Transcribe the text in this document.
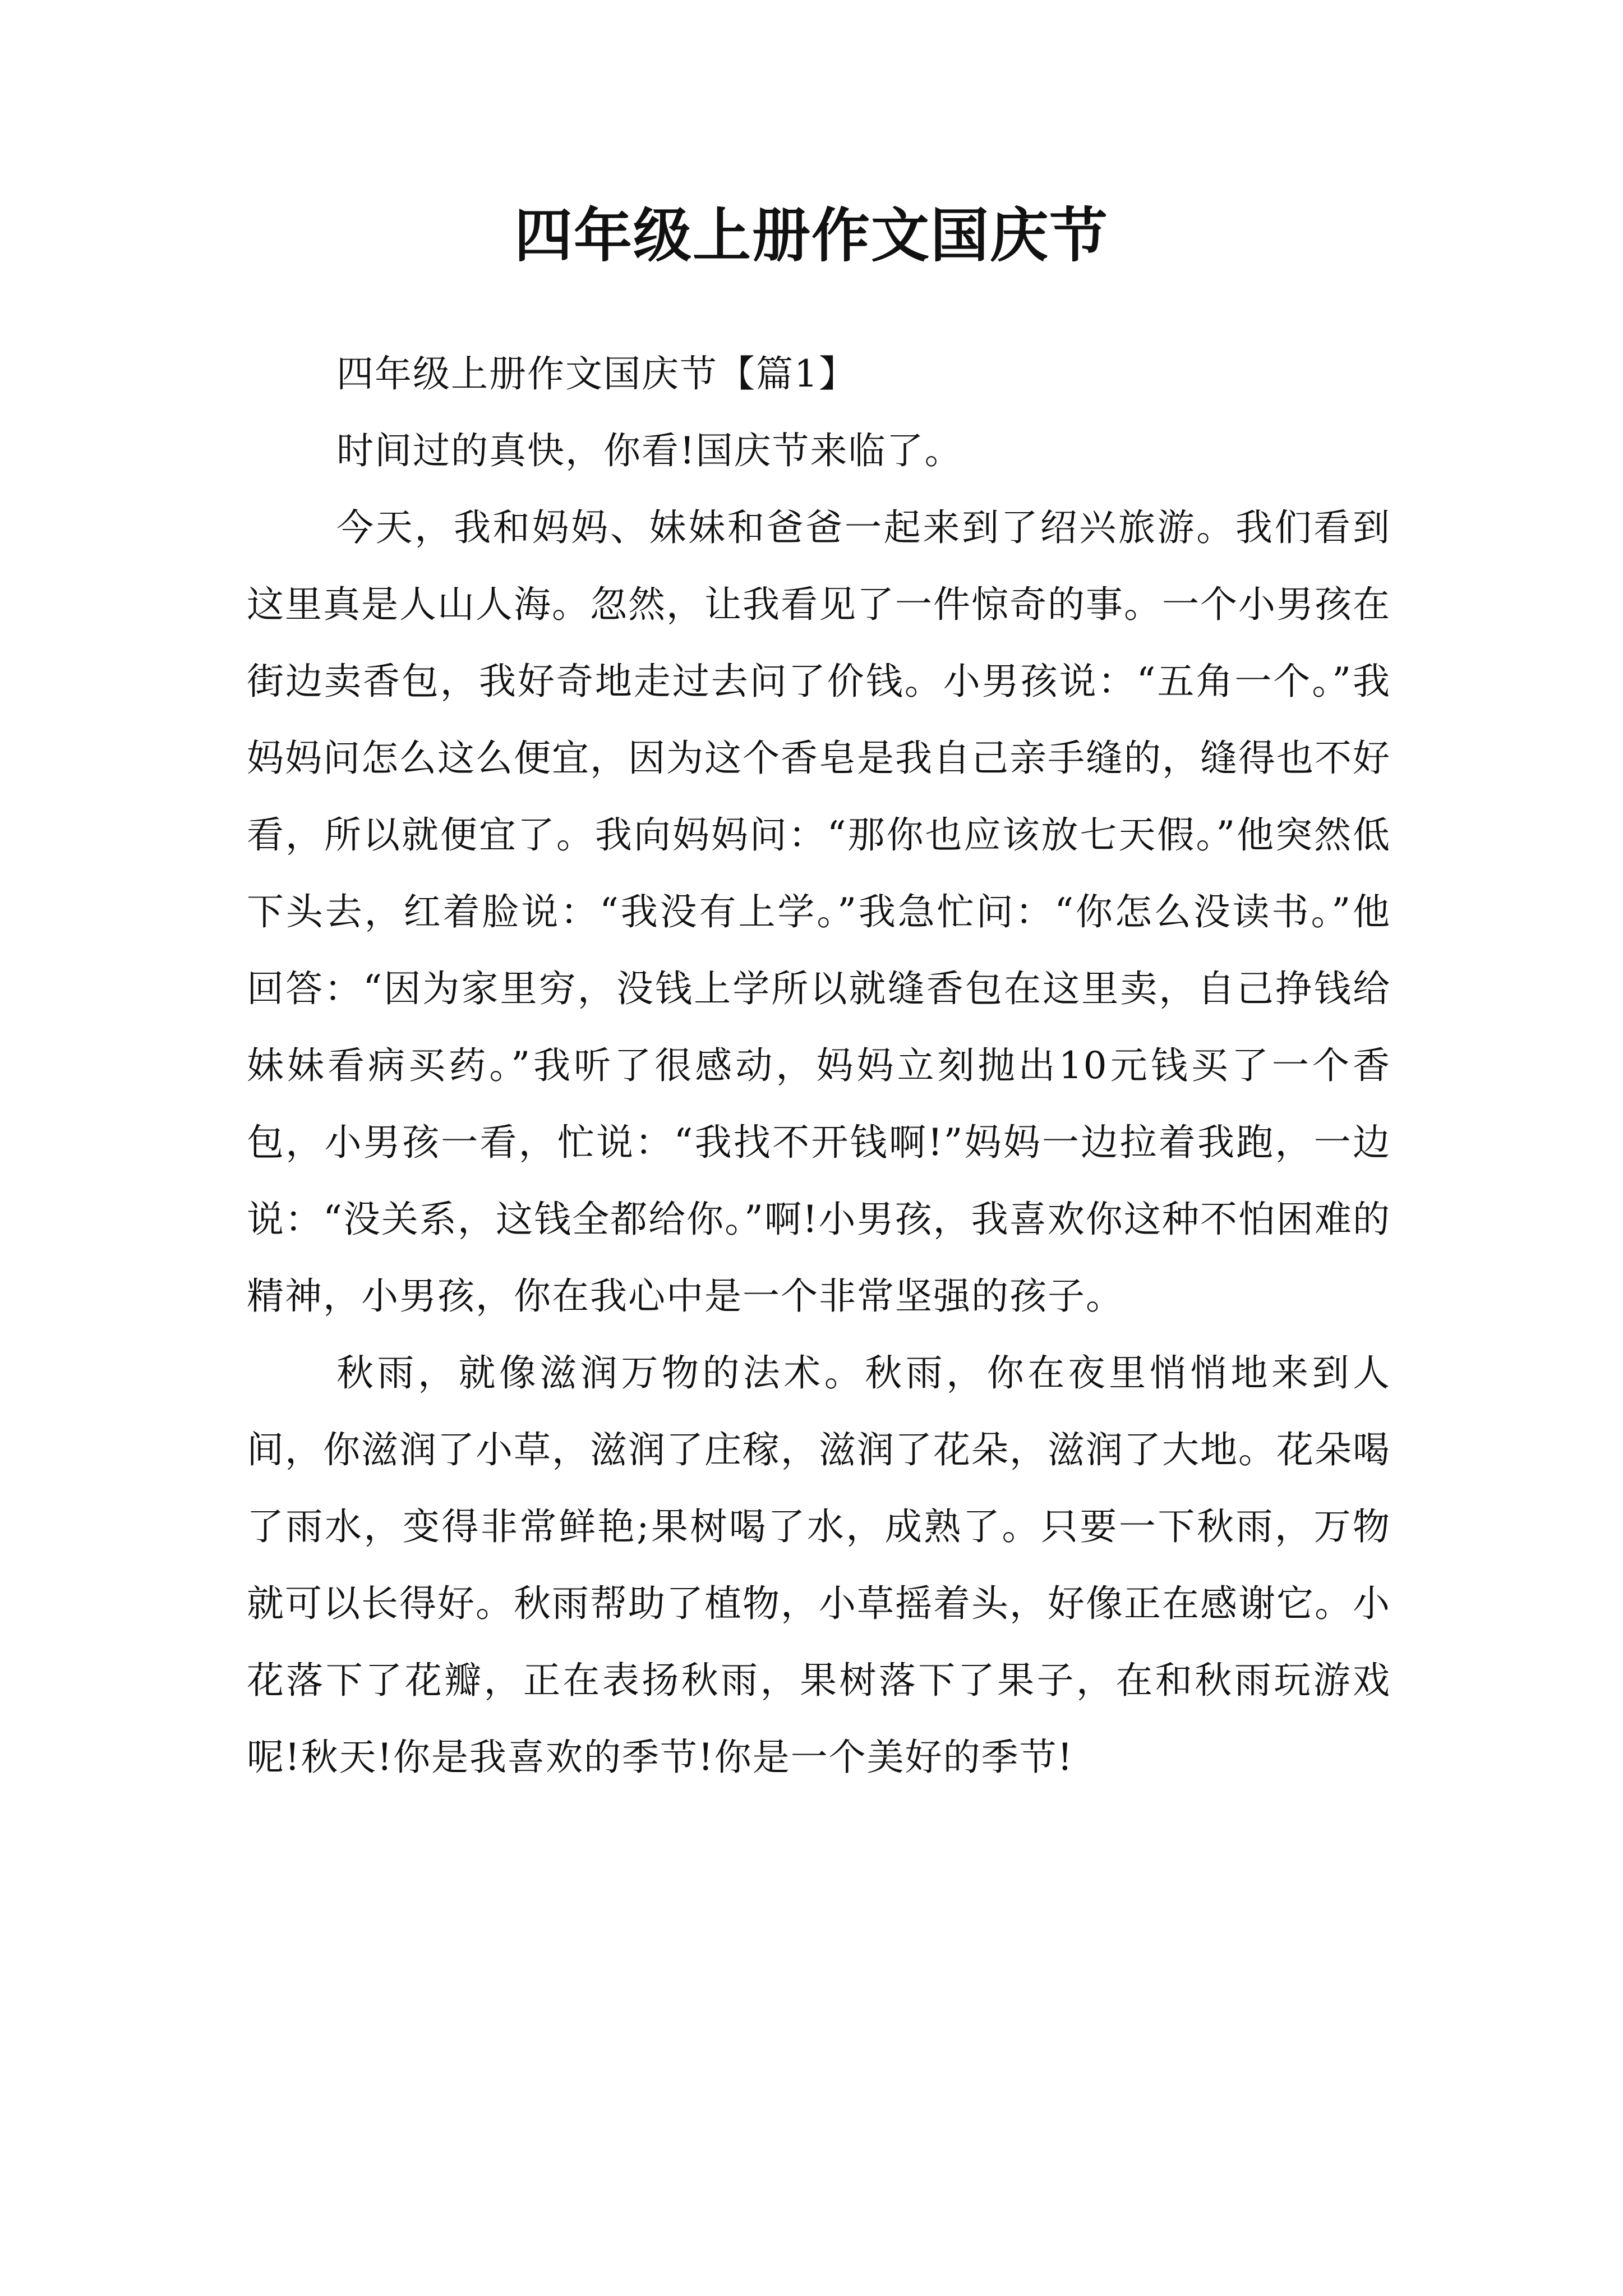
四年级上册作文国庆节

四年级上册作文国庆节【篇1】

时间过的真快，你看!国庆节来临了。

今天，我和妈妈、妹妹和爸爸一起来到了绍兴旅游。我们看到这里真是人山人海。忽然，让我看见了一件惊奇的事。一个小男孩在街边卖香包，我好奇地走过去问了价钱。小男孩说：“五角一个。”我妈妈问怎么这么便宜，因为这个香皂是我自己亲手缝的，缝得也不好看，所以就便宜了。我向妈妈问：“那你也应该放七天假。”他突然低下头去，红着脸说：“我没有上学。”我急忙问：“你怎么没读书。”他回答：“因为家里穷，没钱上学所以就缝香包在这里卖，自己挣钱给妹妹看病买药。”我听了很感动，妈妈立刻抛出10元钱买了一个香包，小男孩一看，忙说：“我找不开钱啊!”妈妈一边拉着我跑，一边说：“没关系，这钱全都给你。”啊!小男孩，我喜欢你这种不怕困难的精神，小男孩，你在我心中是一个非常坚强的孩子。

秋雨，就像滋润万物的法术。秋雨，你在夜里悄悄地来到人间，你滋润了小草，滋润了庄稼，滋润了花朵，滋润了大地。花朵喝了雨水，变得非常鲜艳;果树喝了水，成熟了。只要一下秋雨，万物就可以长得好。秋雨帮助了植物，小草摇着头，好像正在感谢它。小花落下了花瓣，正在表扬秋雨，果树落下了果子，在和秋雨玩游戏呢!秋天!你是我喜欢的季节!你是一个美好的季节!
